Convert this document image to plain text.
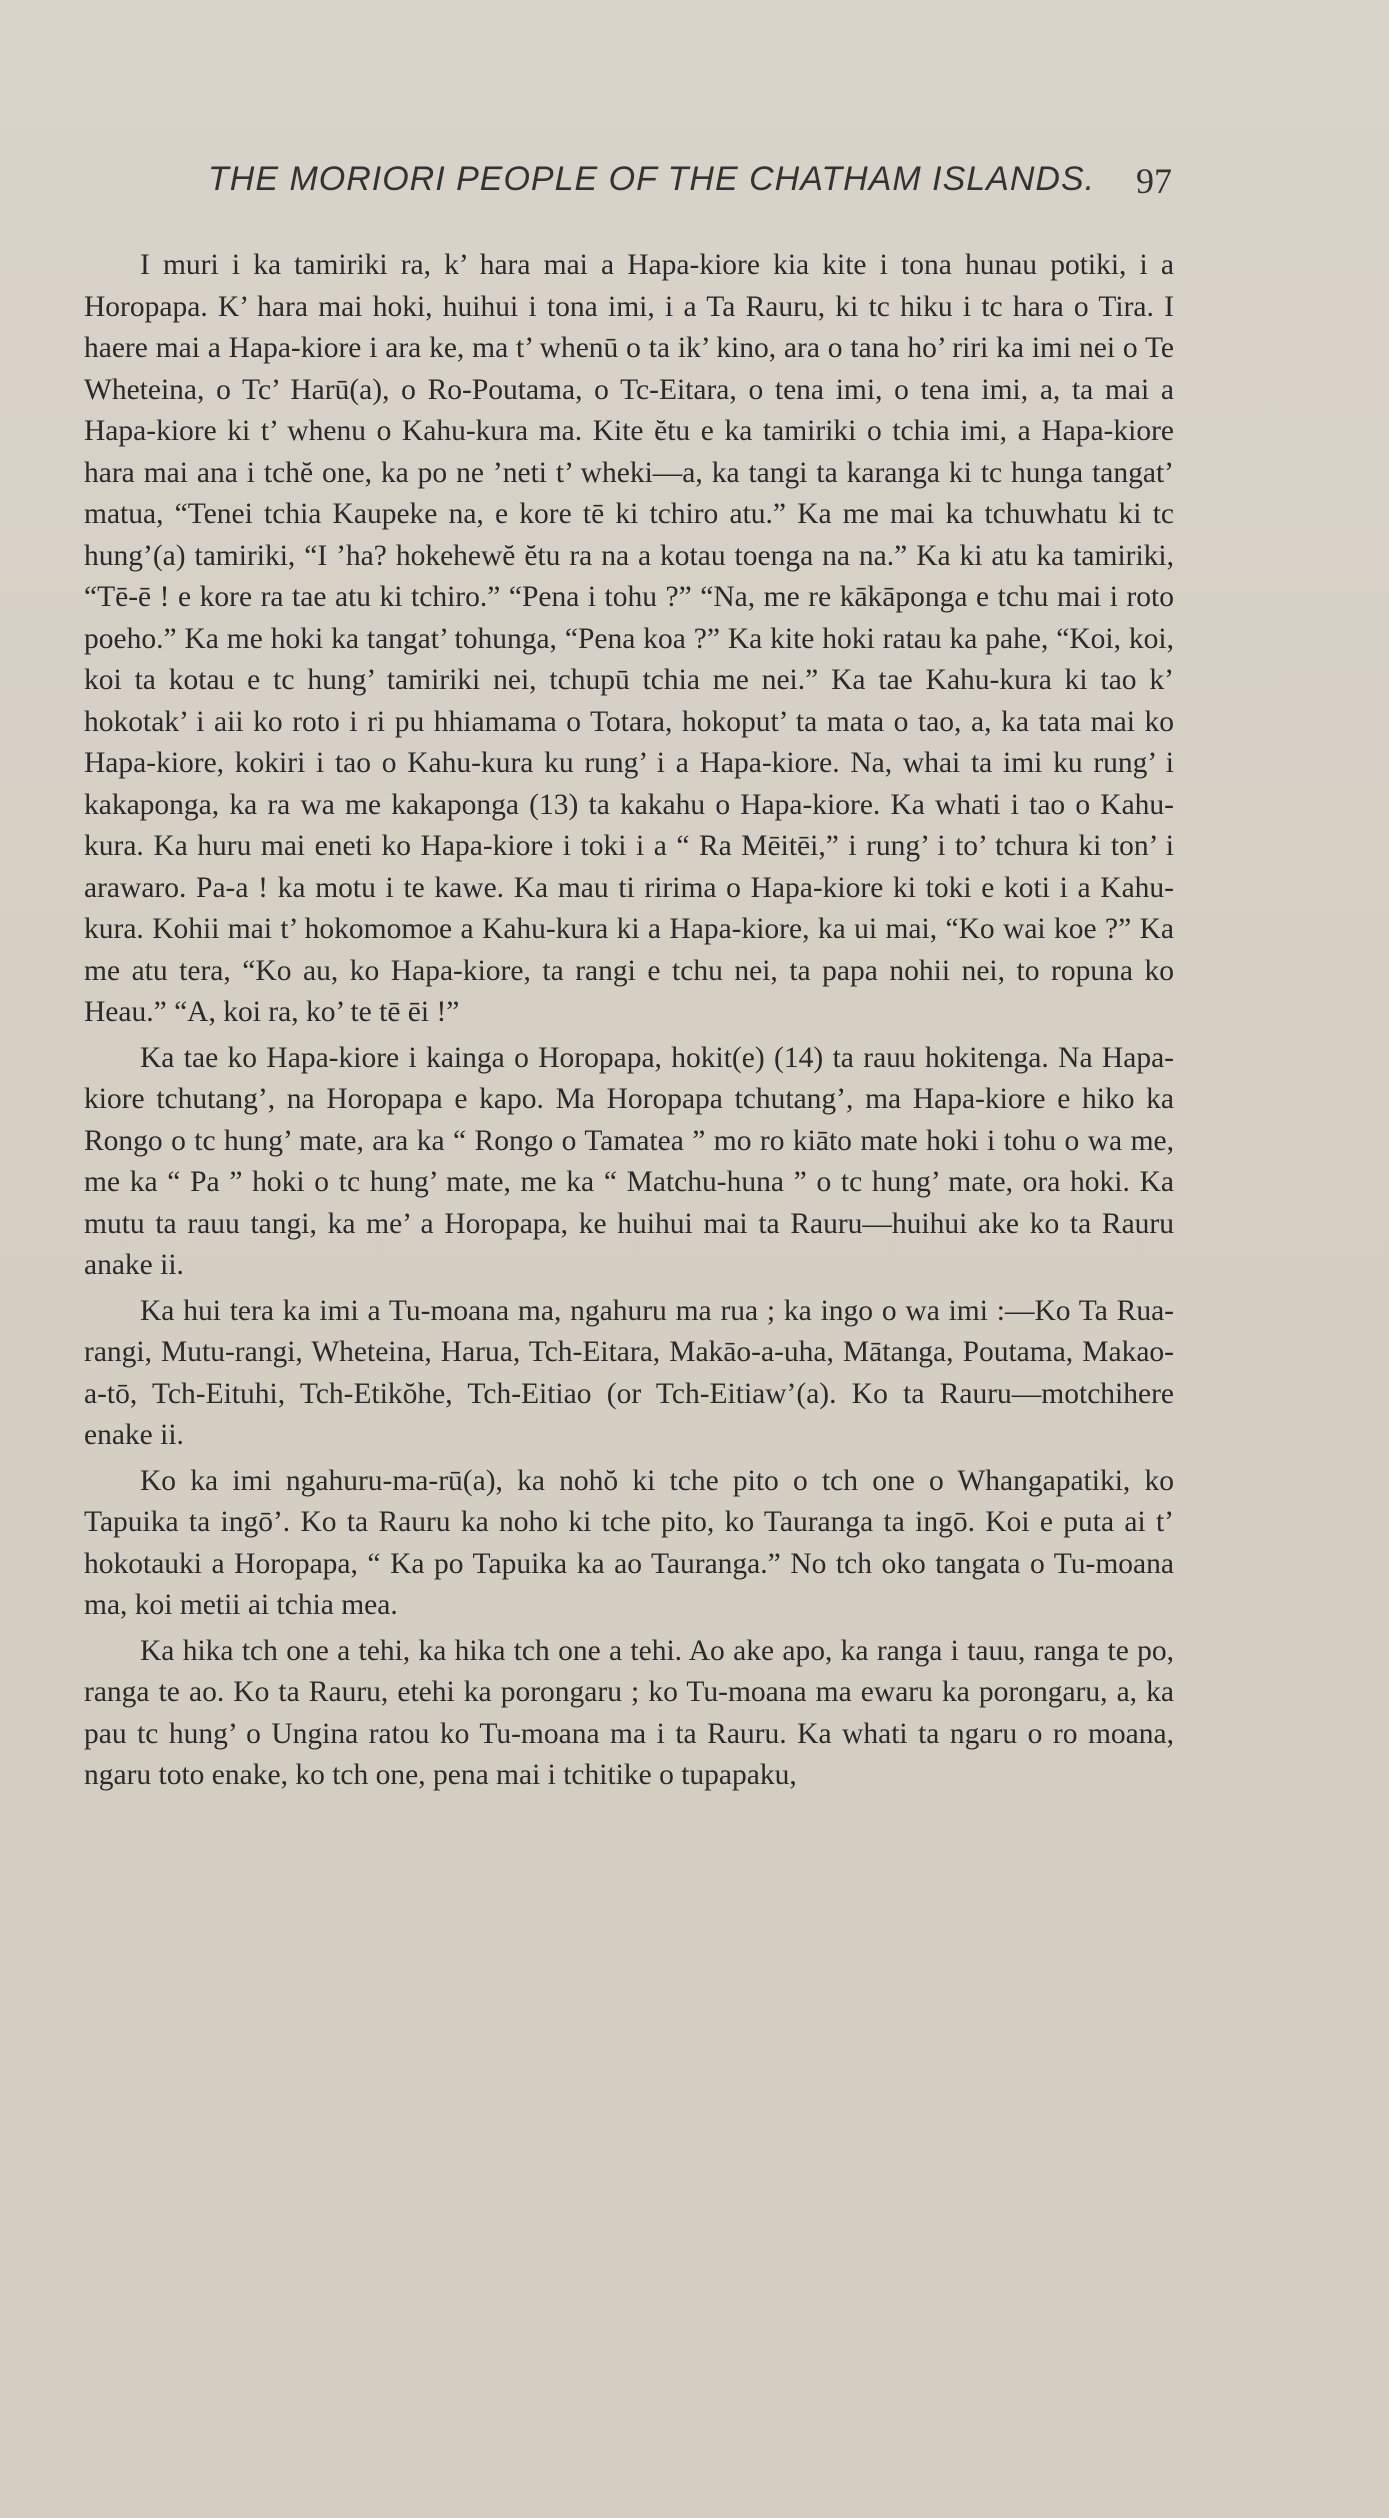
THE MORIORI PEOPLE OF THE CHATHAM ISLANDS. 97

I muri i ka tamiriki ra, k’ hara mai a Hapa-kiore kia kite i tona hunau potiki, i a Horopapa. K’ hara mai hoki, huihui i tona imi, i a Ta Rauru, ki tc hiku i tc hara o Tira. I haere mai a Hapa-kiore i ara ke, ma t’ whenū o ta ik’ kino, ara o tana ho’ riri ka imi nei o Te Wheteina, o Tc’ Harū(a), o Ro-Poutama, o Tc-Eitara, o tena imi, o tena imi, a, ta mai a Hapa-kiore ki t’ whenu o Kahu-kura ma. Kite ĕtu e ka tamiriki o tchia imi, a Hapa-kiore hara mai ana i tchĕ one, ka po ne ’neti t’ wheki—a, ka tangi ta karanga ki tc hunga tangat’ matua, “Tenei tchia Kaupeke na, e kore tē ki tchiro atu.” Ka me mai ka tchuwhatu ki tc hung’(a) tamiriki, “I ’ha? hokehewĕ ĕtu ra na a kotau toenga na na.” Ka ki atu ka tamiriki, “Tē-ē ! e kore ra tae atu ki tchiro.” “Pena i tohu ?” “Na, me re kākāponga e tchu mai i roto poeho.” Ka me hoki ka tangat’ tohunga, “Pena koa ?” Ka kite hoki ratau ka pahe, “Koi, koi, koi ta kotau e tc hung’ tamiriki nei, tchupū tchia me nei.” Ka tae Kahu-kura ki tao k’ hokotak’ i aii ko roto i ri pu hhiamama o Totara, hokoput’ ta mata o tao, a, ka tata mai ko Hapa-kiore, kokiri i tao o Kahu-kura ku rung’ i a Hapa-kiore. Na, whai ta imi ku rung’ i kakaponga, ka ra wa me kakaponga (13) ta kakahu o Hapa-kiore. Ka whati i tao o Kahu-kura. Ka huru mai eneti ko Hapa-kiore i toki i a “ Ra Mēitēi,” i rung’ i to’ tchura ki ton’ i arawaro. Pa-a ! ka motu i te kawe. Ka mau ti ririma o Hapa-kiore ki toki e koti i a Kahu-kura. Kohii mai t’ hokomomoe a Kahu-kura ki a Hapa-kiore, ka ui mai, “Ko wai koe ?” Ka me atu tera, “Ko au, ko Hapa-kiore, ta rangi e tchu nei, ta papa nohii nei, to ropuna ko Heau.” “A, koi ra, ko’ te tē ēi !”

Ka tae ko Hapa-kiore i kainga o Horopapa, hokit(e) (14) ta rauu hokitenga. Na Hapa-kiore tchutang’, na Horopapa e kapo. Ma Horopapa tchutang’, ma Hapa-kiore e hiko ka Rongo o tc hung’ mate, ara ka “ Rongo o Tamatea ” mo ro kiāto mate hoki i tohu o wa me, me ka “ Pa ” hoki o tc hung’ mate, me ka “ Matchu-huna ” o tc hung’ mate, ora hoki. Ka mutu ta rauu tangi, ka me’ a Horopapa, ke huihui mai ta Rauru—huihui ake ko ta Rauru anake ii.

Ka hui tera ka imi a Tu-moana ma, ngahuru ma rua ; ka ingo o wa imi :—Ko Ta Rua-rangi, Mutu-rangi, Wheteina, Harua, Tch-Eitara, Makāo-a-uha, Mātanga, Poutama, Makao-a-tō, Tch-Eituhi, Tch-Etikŏhe, Tch-Eitiao (or Tch-Eitiaw’(a). Ko ta Rauru—motchihere enake ii.

Ko ka imi ngahuru-ma-rū(a), ka nohŏ ki tche pito o tch one o Whangapatiki, ko Tapuika ta ingō’. Ko ta Rauru ka noho ki tche pito, ko Tauranga ta ingō. Koi e puta ai t’ hokotauki a Horopapa, “ Ka po Tapuika ka ao Tauranga.” No tch oko tangata o Tu-moana ma, koi metii ai tchia mea.

Ka hika tch one a tehi, ka hika tch one a tehi. Ao ake apo, ka ranga i tauu, ranga te po, ranga te ao. Ko ta Rauru, etehi ka porongaru ; ko Tu-moana ma ewaru ka porongaru, a, ka pau tc hung’ o Ungina ratou ko Tu-moana ma i ta Rauru. Ka whati ta ngaru o ro moana, ngaru toto enake, ko tch one, pena mai i tchitike o tupapaku,
